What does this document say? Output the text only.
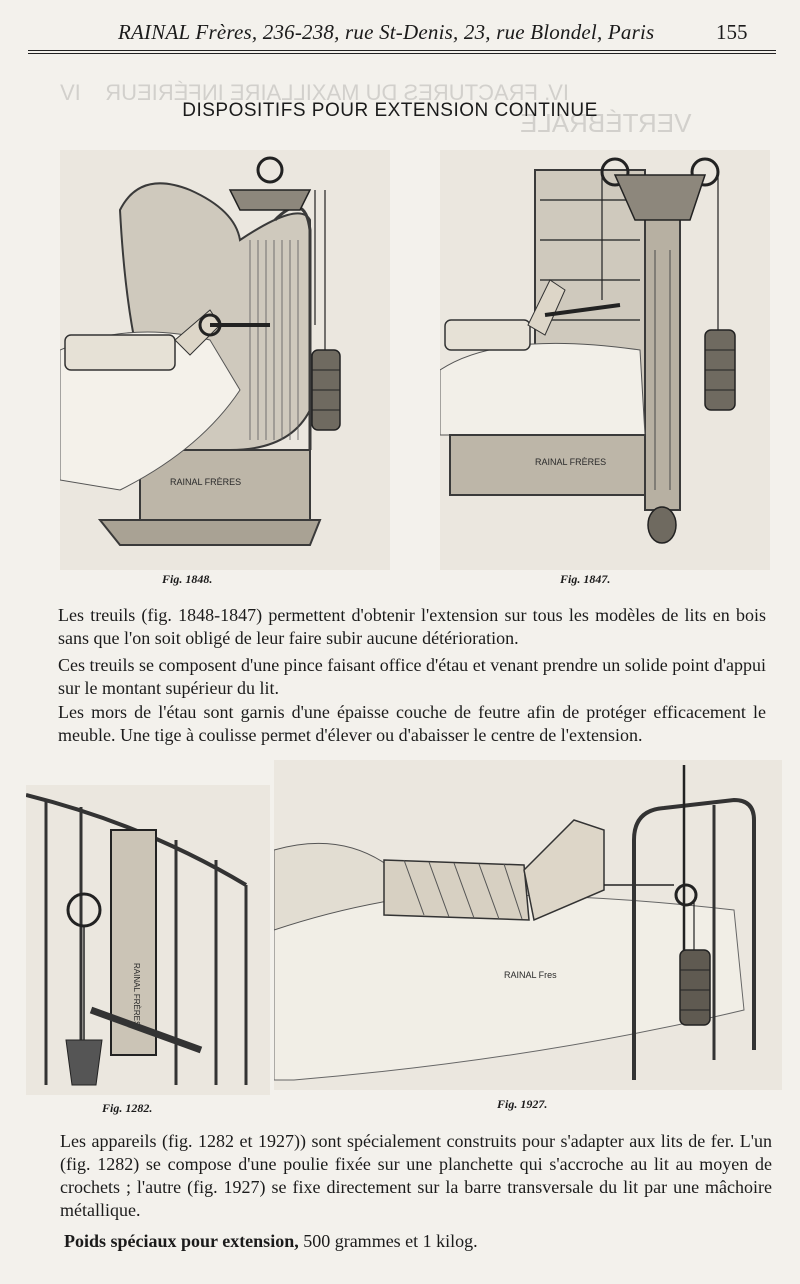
RAINAL Frères, 236-238, rue St-Denis, 23, rue Blondel, Paris	155
IV. FRACTURES DU MAXILLAIRE INFÉRIEUR    IV
VERTÉBRALE
DISPOSITIFS POUR EXTENSION CONTINUE
RAINAL FRÈRES
Fig. 1848.
RAINAL FRÈRES
Fig. 1847.

Les treuils (fig. 1848-1847) permettent d'obtenir l'extension sur tous les modèles de lits en bois sans que l'on soit obligé de leur faire subir aucune détérioration.

Ces treuils se composent d'une pince faisant office d'étau et venant prendre un solide point d'appui sur le montant supérieur du lit.

Les mors de l'étau sont garnis d'une épaisse couche de feutre afin de protéger efficacement le meuble. Une tige à coulisse permet d'élever ou d'abaisser le centre de l'extension.

RAINAL FRÈRES
Fig. 1282.
RAINAL Fres
Fig. 1927.

Les appareils (fig. 1282 et 1927)) sont spécialement construits pour s'adapter aux lits de fer. L'un (fig. 1282) se compose d'une poulie fixée sur une planchette qui s'accroche au lit au moyen de crochets ; l'autre (fig. 1927) se fixe directement sur la barre transversale du lit par une mâchoire métallique.

Poids spéciaux pour extension, 500 grammes et 1 kilog.
